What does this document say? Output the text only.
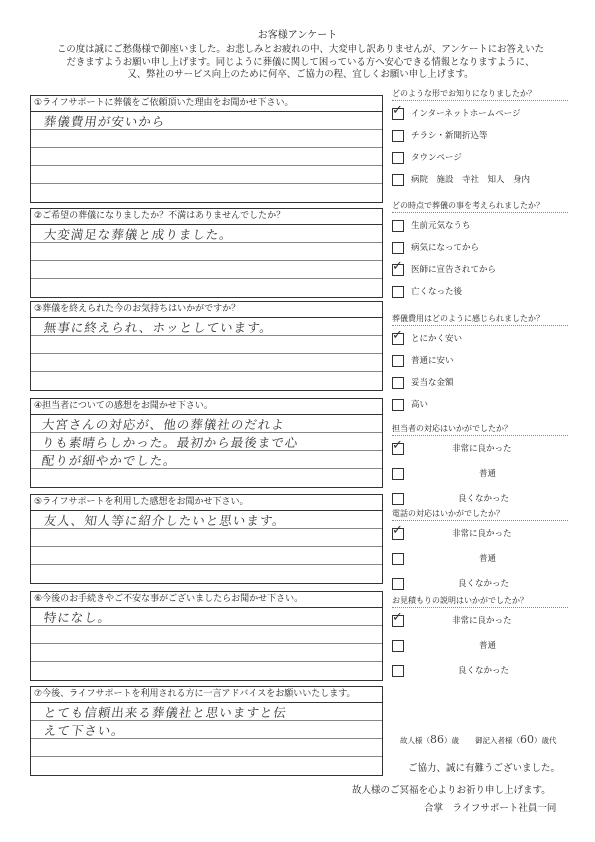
お客様アンケート
この度は誠にご愁傷様で御座いました。お悲しみとお疲れの中、大変申し訳ありませんが、アンケートにお答えいた
だきますようお願い申し上げます。同じように葬儀に関して困っている方へ安心できる情報となりますように、
又、弊社のサービス向上のために何卒、ご協力の程、宜しくお願い申し上げます。
①ライフサポートに葬儀をご依頼頂いた理由をお聞かせ下さい。
葬儀費用が安いから
②ご希望の葬儀になりましたか？不満はありませんでしたか？
大変満足な葬儀と成りました。
③葬儀を終えられた今のお気持ちはいかがですか？
無事に終えられ、ホッとしています。
④担当者についての感想をお聞かせ下さい。
大宮さんの対応が、他の葬儀社のだれよ
りも素晴らしかった。最初から最後まで心
配りが細やかでした。
⑤ライフサポートを利用した感想をお聞かせ下さい。
友人、知人等に紹介したいと思います。
⑥今後のお手続きやご不安な事がございましたらお聞かせ下さい。
特になし。
⑦今後、ライフサポートを利用される方に一言アドバイスをお願いいたします。
とても信頼出来る葬儀社と思いますと伝
えて下さい。
どのような形でお知りになりましたか？
✓ インターネットホームページ
チラシ・新聞折込等
タウンページ
病院　施設　寺社　知人　身内
どの時点で葬儀の事を考えられましたか？
生前元気なうち
病気になってから
✓ 医師に宣告されてから
亡くなった後
葬儀費用はどのように感じられましたか？
✓ とにかく安い
普通に安い
妥当な金額
高い
担当者の対応はいかがでしたか？
✓	非常に良かった
普通
良くなかった
電話の対応はいかがでしたか？
✓	非常に良かった
普通
良くなかった
お見積もりの説明はいかがでしたか？
✓	非常に良かった
普通
良くなかった
故人様（86）歳 御記入者様（60）歳代
ご協力、誠に有難うございました。
故人様のご冥福を心よりお祈り申し上げます。
合掌　ライフサポート社員一同
